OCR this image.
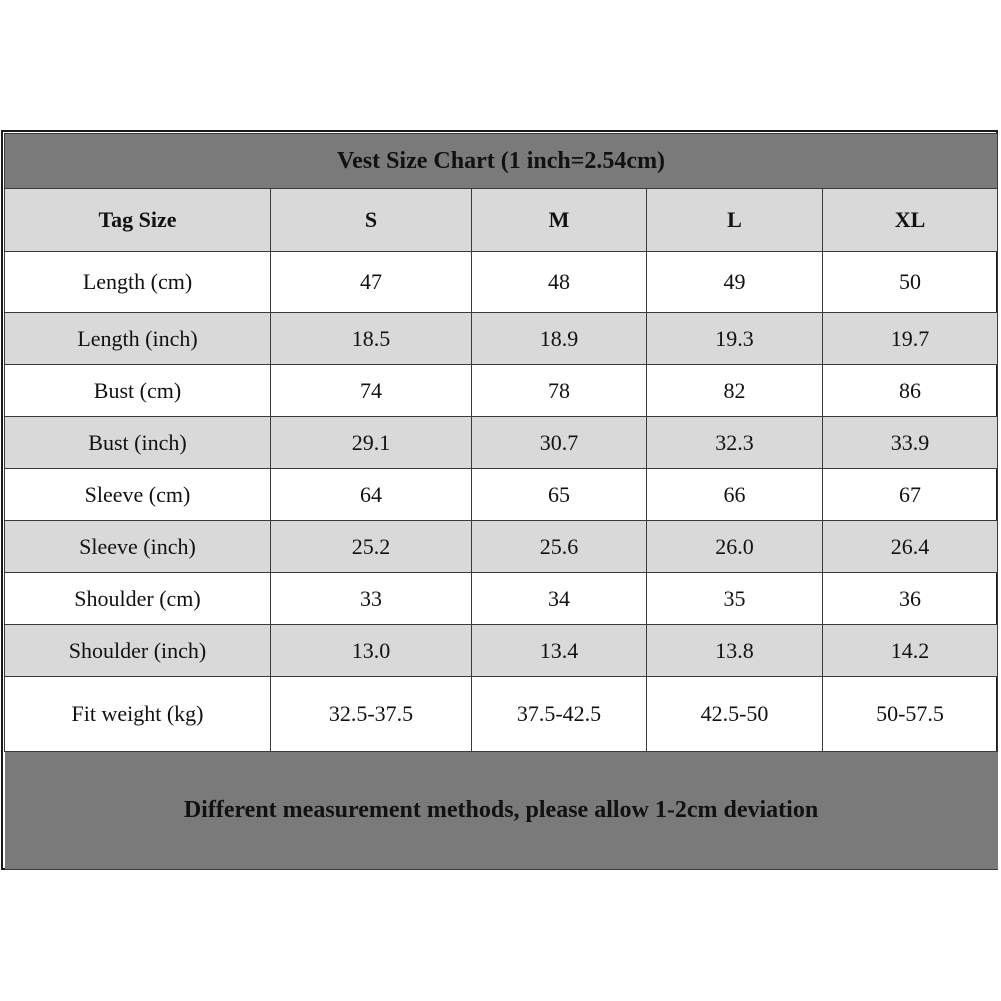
Vest Size Chart (1 inch=2.54cm)				
Tag Size	S	M	L	XL
Length (cm)	47	48	49	50
Length (inch)	18.5	18.9	19.3	19.7
Bust (cm)	74	78	82	86
Bust (inch)	29.1	30.7	32.3	33.9
Sleeve (cm)	64	65	66	67
Sleeve (inch)	25.2	25.6	26.0	26.4
Shoulder (cm)	33	34	35	36
Shoulder (inch)	13.0	13.4	13.8	14.2
Fit weight (kg)	32.5-37.5	37.5-42.5	42.5-50	50-57.5
Different measurement methods, please allow 1-2cm deviation				
